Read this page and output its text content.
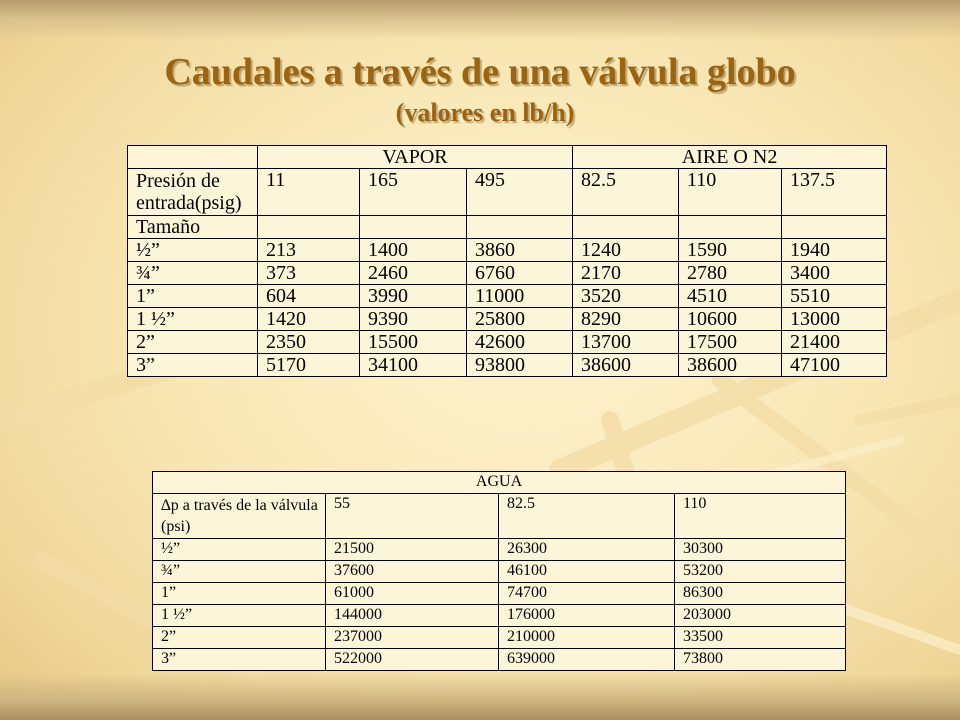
Caudales a través de una válvula globo
(valores en lb/h)
	VAPOR			AIRE O N2		
Presión de entrada(psig)	11	165	495	82.5	110	137.5
Tamaño						
½”	213	1400	3860	1240	1590	1940
¾”	373	2460	6760	2170	2780	3400
1”	604	3990	11000	3520	4510	5510
1 ½”	1420	9390	25800	8290	10600	13000
2”	2350	15500	42600	13700	17500	21400
3”	5170	34100	93800	38600	38600	47100
AGUA			
∆p a través de la válvula (psi)	55	82.5	110
½”	21500	26300	30300
¾”	37600	46100	53200
1”	61000	74700	86300
1 ½”	144000	176000	203000
2”	237000	210000	33500
3”	522000	639000	73800
